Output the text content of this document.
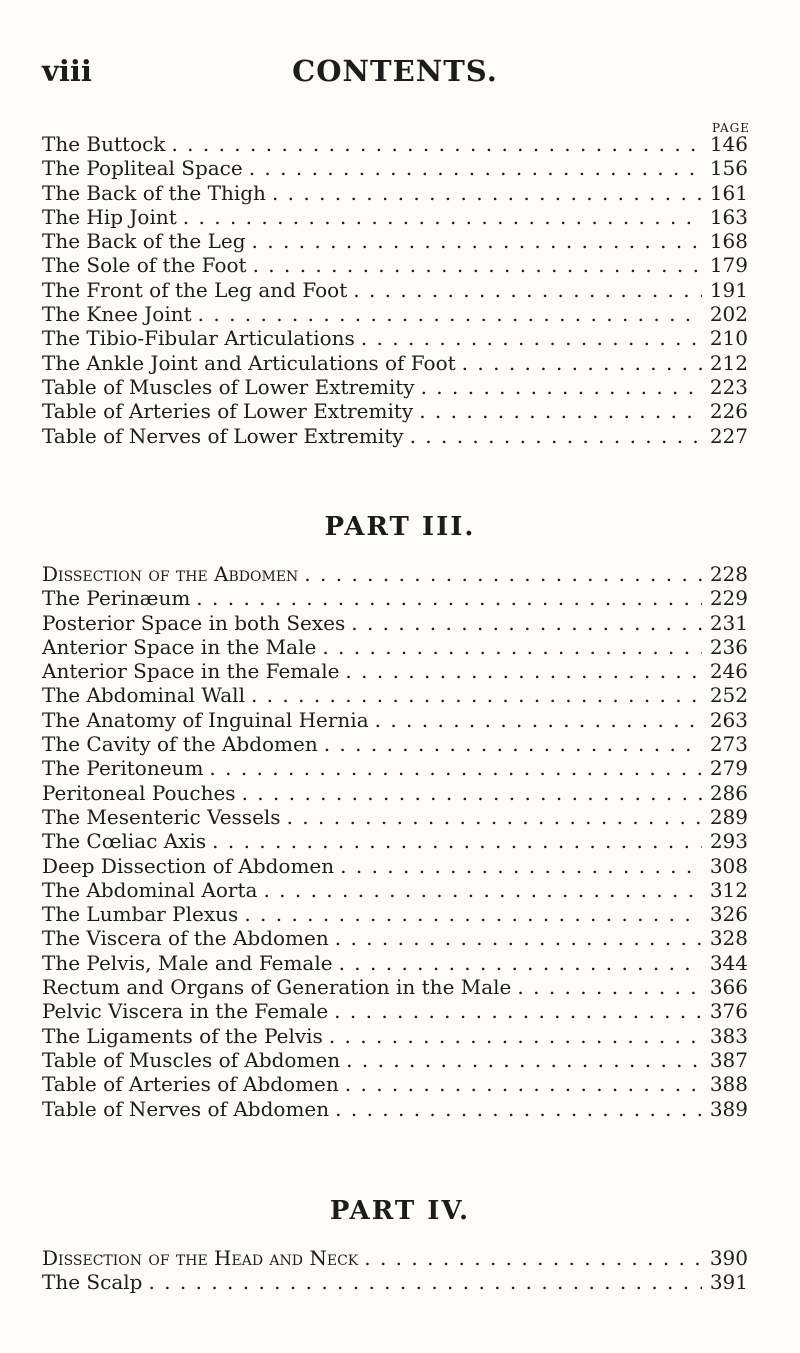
viii	CONTENTS.
PAGE
The Buttock . . .	146
The Popliteal Space . . .	156
The Back of the Thigh . . .	161
The Hip Joint . . .	163
The Back of the Leg . . .	168
The Sole of the Foot . . .	179
The Front of the Leg and Foot . . .	191
The Knee Joint . . .	202
The Tibio-Fibular Articulations . . .	210
The Ankle Joint and Articulations of Foot . . .	212
Table of Muscles of Lower Extremity . . .	223
Table of Arteries of Lower Extremity . . .	226
Table of Nerves of Lower Extremity . . .	227
PART III.
Dissection of the Abdomen . . .	228
The Perinæum . . .	229
Posterior Space in both Sexes . . .	231
Anterior Space in the Male . . .	236
Anterior Space in the Female . . .	246
The Abdominal Wall . . .	252
The Anatomy of Inguinal Hernia . . .	263
The Cavity of the Abdomen . . .	273
The Peritoneum . . .	279
Peritoneal Pouches . . .	286
The Mesenteric Vessels . . .	289
The Cœliac Axis . . .	293
Deep Dissection of Abdomen . . .	308
The Abdominal Aorta . . .	312
The Lumbar Plexus . . .	326
The Viscera of the Abdomen . . .	328
The Pelvis, Male and Female . . .	344
Rectum and Organs of Generation in the Male . . .	366
Pelvic Viscera in the Female . . .	376
The Ligaments of the Pelvis . . .	383
Table of Muscles of Abdomen . . .	387
Table of Arteries of Abdomen . . .	388
Table of Nerves of Abdomen . . .	389
PART IV.
Dissection of the Head and Neck . . .	390
The Scalp . . .	391
